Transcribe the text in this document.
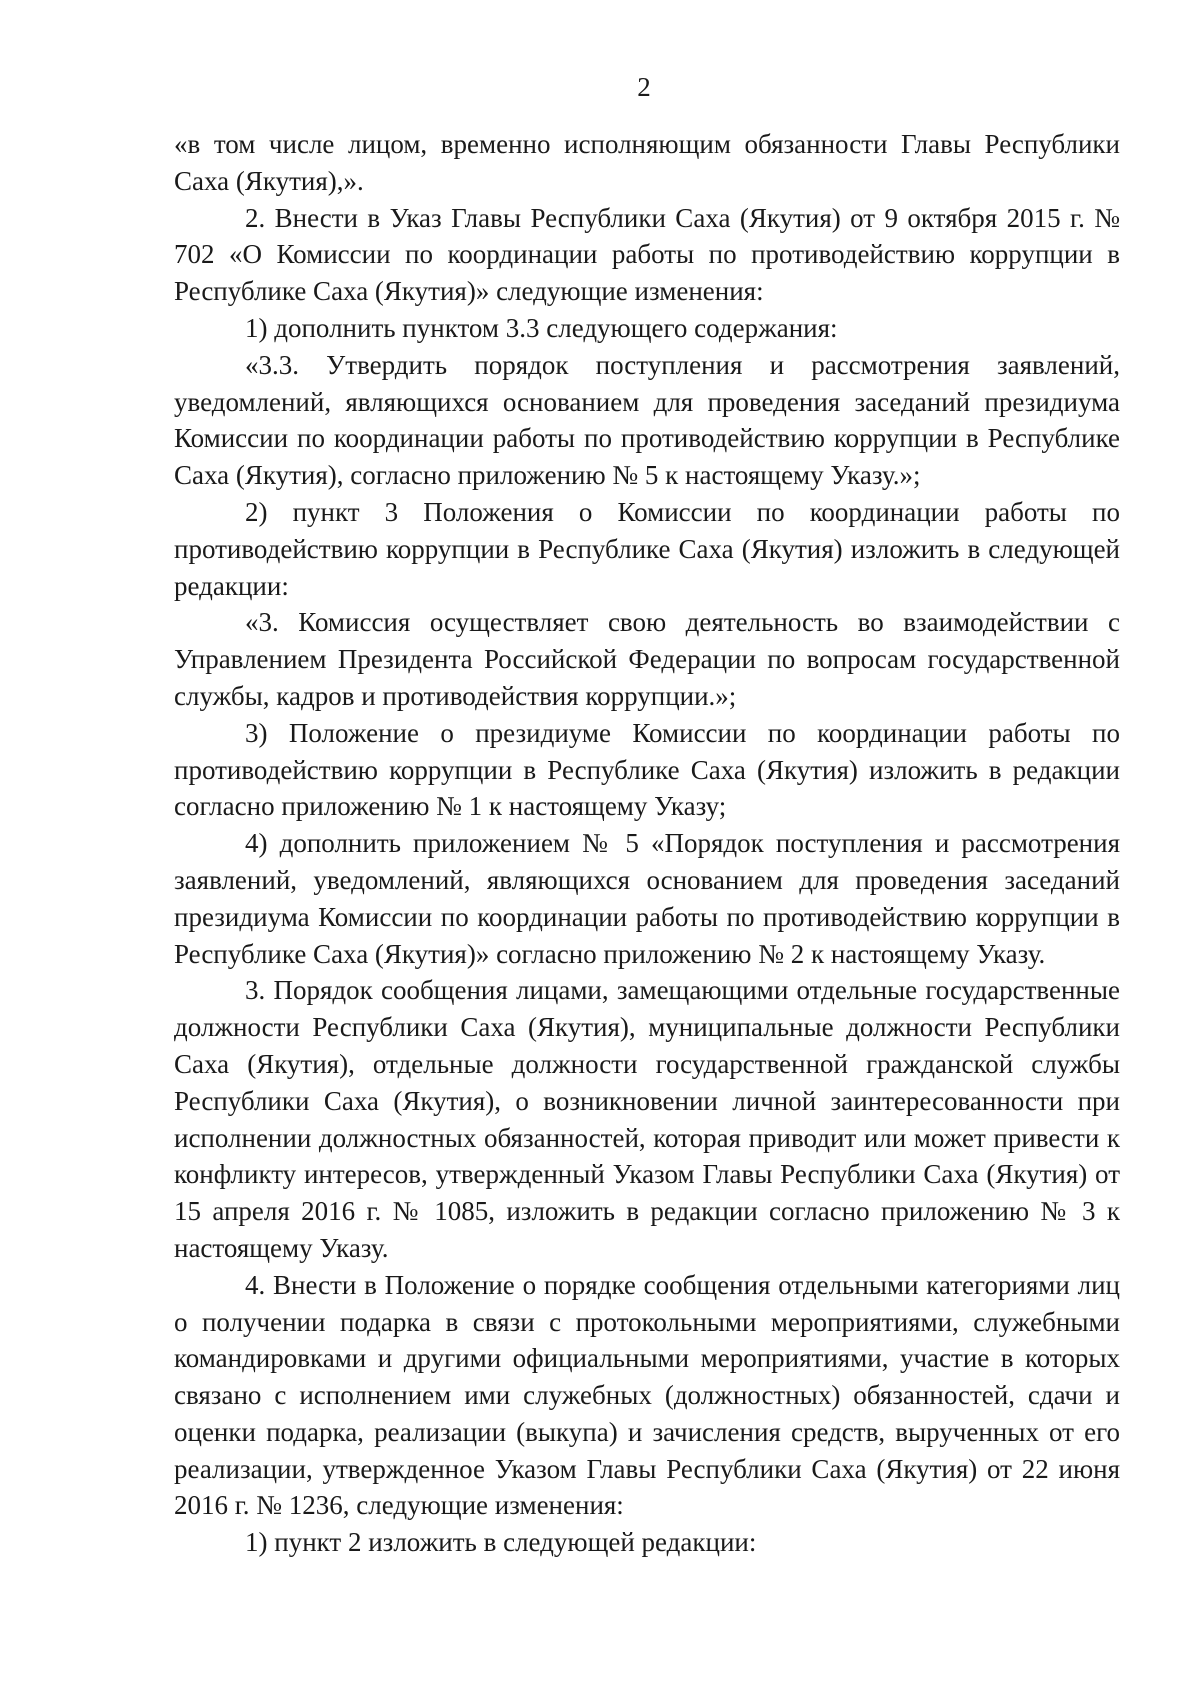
2

«в том числе лицом, временно исполняющим обязанности Главы Республики Саха (Якутия),».

2. Внести в Указ Главы Республики Саха (Якутия) от 9 октября 2015 г. № 702 «О Комиссии по координации работы по противодействию коррупции в Республике Саха (Якутия)» следующие изменения:

1) дополнить пунктом 3.3 следующего содержания:

«3.3. Утвердить порядок поступления и рассмотрения заявлений, уведомлений, являющихся основанием для проведения заседаний президиума Комиссии по координации работы по противодействию коррупции в Республике Саха (Якутия), согласно приложению № 5 к настоящему Указу.»;

2) пункт 3 Положения о Комиссии по координации работы по противодействию коррупции в Республике Саха (Якутия) изложить в следующей редакции:

«3. Комиссия осуществляет свою деятельность во взаимодействии с Управлением Президента Российской Федерации по вопросам государственной службы, кадров и противодействия коррупции.»;

3) Положение о президиуме Комиссии по координации работы по противодействию коррупции в Республике Саха (Якутия) изложить в редакции согласно приложению № 1 к настоящему Указу;

4) дополнить приложением № 5 «Порядок поступления и рассмотрения заявлений, уведомлений, являющихся основанием для проведения заседаний президиума Комиссии по координации работы по противодействию коррупции в Республике Саха (Якутия)» согласно приложению № 2 к настоящему Указу.

3. Порядок сообщения лицами, замещающими отдельные государственные должности Республики Саха (Якутия), муниципальные должности Республики Саха (Якутия), отдельные должности государственной гражданской службы Республики Саха (Якутия), о возникновении личной заинтересованности при исполнении должностных обязанностей, которая приводит или может привести к конфликту интересов, утвержденный Указом Главы Республики Саха (Якутия) от 15 апреля 2016 г. № 1085, изложить в редакции согласно приложению № 3 к настоящему Указу.

4. Внести в Положение о порядке сообщения отдельными категориями лиц о получении подарка в связи с протокольными мероприятиями, служебными командировками и другими официальными мероприятиями, участие в которых связано с исполнением ими служебных (должностных) обязанностей, сдачи и оценки подарка, реализации (выкупа) и зачисления средств, вырученных от его реализации, утвержденное Указом Главы Республики Саха (Якутия) от 22 июня 2016 г. № 1236, следующие изменения:

1) пункт 2 изложить в следующей редакции:
